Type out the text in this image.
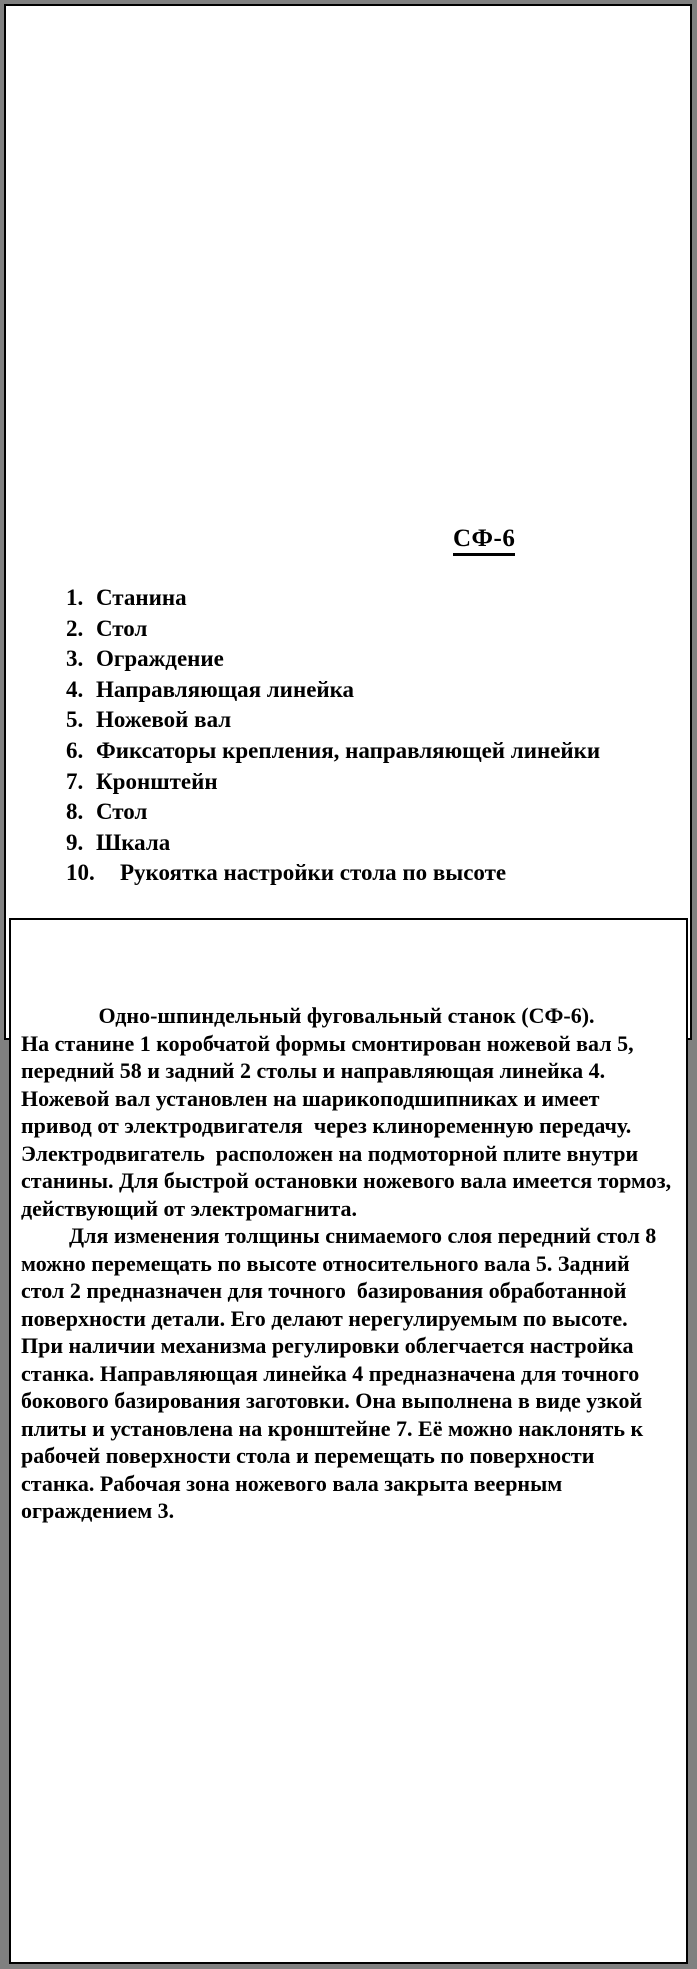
СФ-6
1. Станина
2. Стол
3. Ограждение
4. Направляющая линейка
5. Ножевой вал
6. Фиксаторы крепления, направляющей линейки
7. Кронштейн
8. Стол
9. Шкала
10.	Рукоятка настройки стола по высоте

Одно-шпиндельный фуговальный станок (СФ-6).

На станине 1 коробчатой формы смонтирован ножевой вал 5, передний 58 и задний 2 столы и направляющая линейка 4. Ножевой вал установлен на шарикоподшипниках и имеет привод от электродвигателя  через клиноременную передачу. Электродвигатель  расположен на подмоторной плите внутри станины. Для быстрой остановки ножевого вала имеется тормоз, действующий от электромагнита.

Для изменения толщины снимаемого слоя передний стол 8 можно перемещать по высоте относительного вала 5. Задний стол 2 предназначен для точного  базирования обработанной поверхности детали. Его делают нерегулируемым по высоте. При наличии механизма регулировки облегчается настройка станка. Направляющая линейка 4 предназначена для точного бокового базирования заготовки. Она выполнена в виде узкой плиты и установлена на кронштейне 7. Её можно наклонять к рабочей поверхности стола и перемещать по поверхности станка. Рабочая зона ножевого вала закрыта веерным ограждением 3.
